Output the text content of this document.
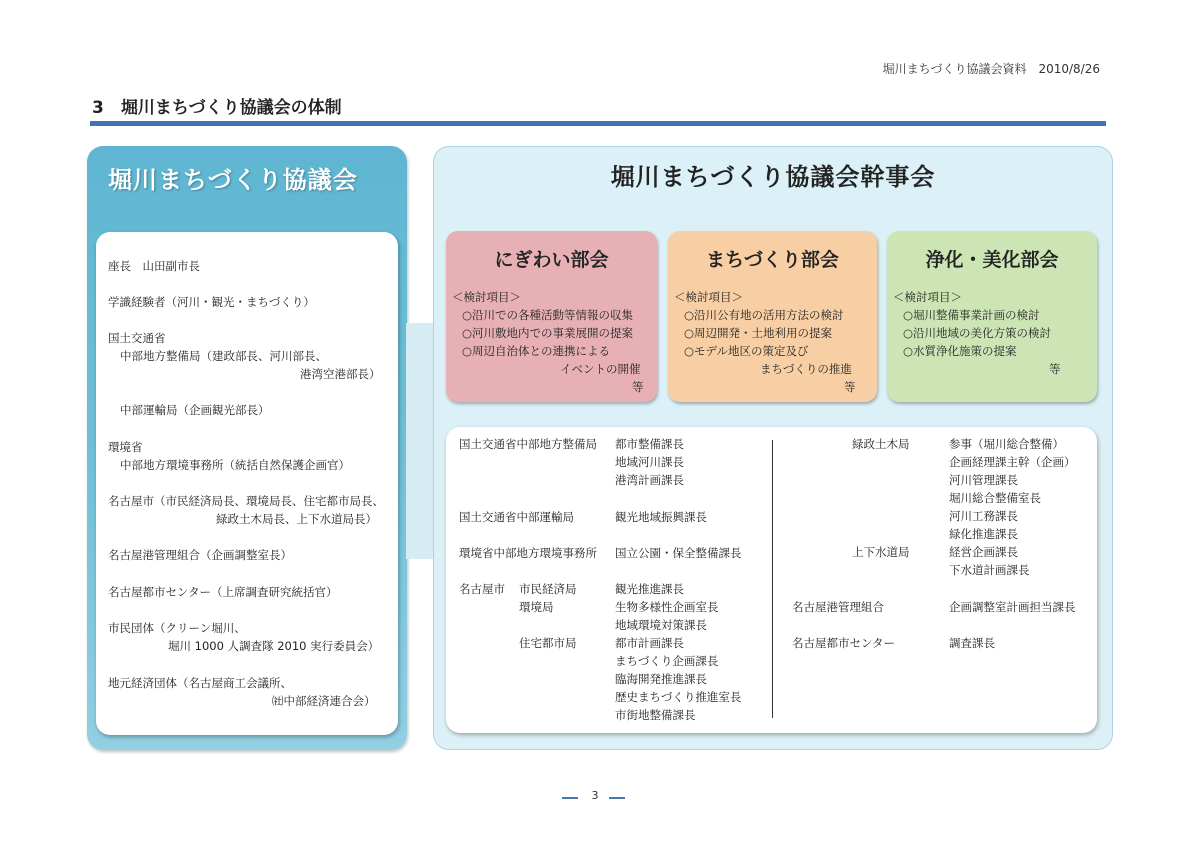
堀川まちづくり協議会資料　2010/8/26
3　堀川まちづくり協議会の体制
堀川まちづくり協議会
座長　山田副市長
学識経験者（河川・観光・まちづくり）
国土交通省
中部地方整備局（建政部長、河川部長、
港湾空港部長）
中部運輸局（企画観光部長）
環境省
中部地方環境事務所（統括自然保護企画官）
名古屋市（市民経済局長、環境局長、住宅都市局長、
緑政土木局長、上下水道局長）
名古屋港管理組合（企画調整室長）
名古屋都市センター（上席調査研究統括官）
市民団体（クリーン堀川、
堀川 1000 人調査隊 2010 実行委員会）
地元経済団体（名古屋商工会議所、
㈳中部経済連合会）
堀川まちづくり協議会幹事会
にぎわい部会
＜検討項目＞
○沿川での各種活動等情報の収集
○河川敷地内での事業展開の提案
○周辺自治体との連携による
イベントの開催
等
まちづくり部会
＜検討項目＞
○沿川公有地の活用方法の検討
○周辺開発・土地利用の提案
○モデル地区の策定及び
まちづくりの推進
等
浄化・美化部会
＜検討項目＞
○堀川整備事業計画の検討
○沿川地域の美化方策の検討
○水質浄化施策の提案
等
国土交通省中部地方整備局 都市整備課長
地域河川課長
港湾計画課長
国土交通省中部運輸局	観光地域振興課長
環境省中部地方環境事務所 国立公園・保全整備課長
名古屋市 市民経済局	観光推進課長
環境局	生物多様性企画室長
地域環境対策課長
住宅都市局	都市計画課長
まちづくり企画課長
臨海開発推進課長
歴史まちづくり推進室長
市街地整備課長
緑政土木局	参事（堀川総合整備）
企画経理課主幹（企画）
河川管理課長
堀川総合整備室長
河川工務課長
緑化推進課長
上下水道局	経営企画課長
下水道計画課長
名古屋港管理組合	企画調整室計画担当課長
名古屋都市センター	調査課長
3
